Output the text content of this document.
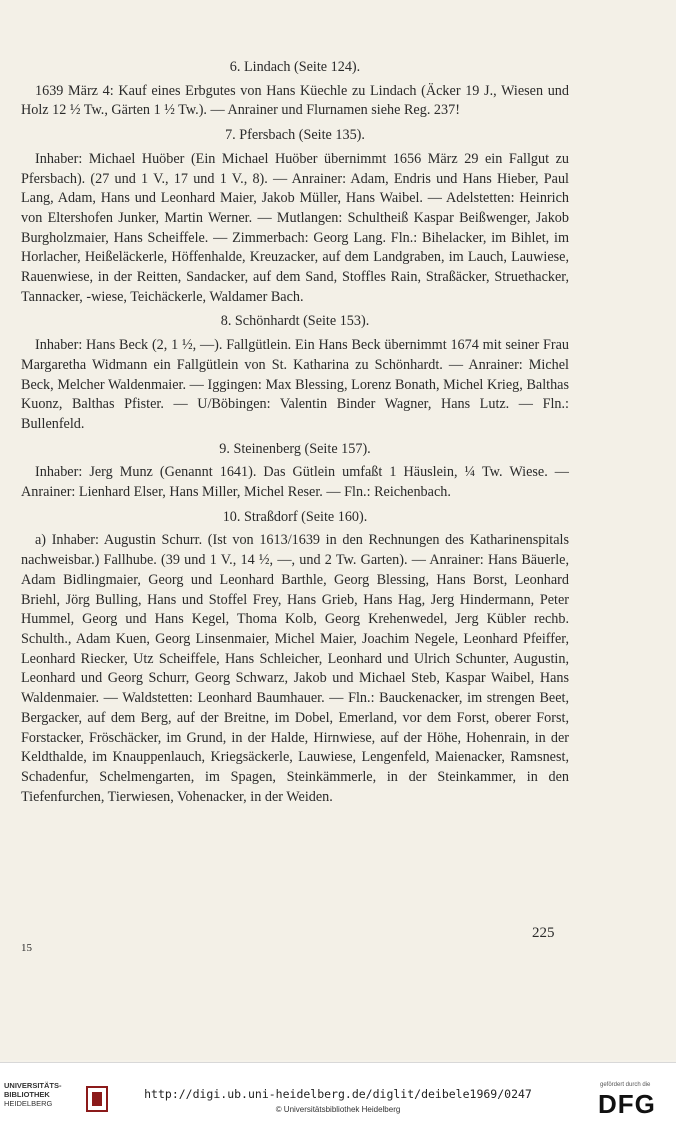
6. Lindach (Seite 124).

1639 März 4: Kauf eines Erbgutes von Hans Küechle zu Lindach (Äcker 19 J., Wiesen und Holz 12 ½ Tw., Gärten 1 ½ Tw.). — Anrainer und Flurnamen siehe Reg. 237!

7. Pfersbach (Seite 135).

Inhaber: Michael Huöber (Ein Michael Huöber übernimmt 1656 März 29 ein Fallgut zu Pfersbach). (27 und 1 V., 17 und 1 V., 8). — Anrainer: Adam, Endris und Hans Hieber, Paul Lang, Adam, Hans und Leonhard Maier, Jakob Müller, Hans Waibel. — Adelstetten: Heinrich von Eltershofen Junker, Martin Werner. — Mutlangen: Schultheiß Kaspar Beißwenger, Jakob Burgholzmaier, Hans Scheiffele. — Zimmerbach: Georg Lang. Fln.: Bihelacker, im Bihlet, im Horlacher, Heißeläckerle, Höffenhalde, Kreuzacker, auf dem Landgraben, im Lauch, Lauwiese, Rauenwiese, in der Reitten, Sandacker, auf dem Sand, Stoffles Rain, Straßäcker, Struethacker, Tannacker, -wiese, Teichäckerle, Waldamer Bach.

8. Schönhardt (Seite 153).

Inhaber: Hans Beck (2, 1 ½, —). Fallgütlein. Ein Hans Beck übernimmt 1674 mit seiner Frau Margaretha Widmann ein Fallgütlein von St. Katharina zu Schönhardt. — Anrainer: Michel Beck, Melcher Waldenmaier. — Iggingen: Max Blessing, Lorenz Bonath, Michel Krieg, Balthas Kuonz, Balthas Pfister. — U/Böbingen: Valentin Binder Wagner, Hans Lutz. — Fln.: Bullenfeld.

9. Steinenberg (Seite 157).

Inhaber: Jerg Munz (Genannt 1641). Das Gütlein umfaßt 1 Häuslein, ¼ Tw. Wiese. — Anrainer: Lienhard Elser, Hans Miller, Michel Reser. — Fln.: Reichenbach.

10. Straßdorf (Seite 160).

a) Inhaber: Augustin Schurr. (Ist von 1613/1639 in den Rechnungen des Katharinenspitals nachweisbar.) Fallhube. (39 und 1 V., 14 ½, —, und 2 Tw. Garten). — Anrainer: Hans Bäuerle, Adam Bidlingmaier, Georg und Leonhard Barthle, Georg Blessing, Hans Borst, Leonhard Briehl, Jörg Bulling, Hans und Stoffel Frey, Hans Grieb, Hans Hag, Jerg Hindermann, Peter Hummel, Georg und Hans Kegel, Thoma Kolb, Georg Krehenwedel, Jerg Kübler rechb. Schulth., Adam Kuen, Georg Linsenmaier, Michel Maier, Joachim Negele, Leonhard Pfeiffer, Leonhard Riecker, Utz Scheiffele, Hans Schleicher, Leonhard und Ulrich Schunter, Augustin, Leonhard und Georg Schurr, Georg Schwarz, Jakob und Michael Steb, Kaspar Waibel, Hans Waldenmaier. — Waldstetten: Leonhard Baumhauer. — Fln.: Bauckenacker, im strengen Beet, Bergacker, auf dem Berg, auf der Breitne, im Dobel, Emerland, vor dem Forst, oberer Forst, Forstacker, Fröschäcker, im Grund, in der Halde, Hirnwiese, auf der Höhe, Hohenrain, in der Keldthalde, im Knauppenlauch, Kriegsäckerle, Lauwiese, Lengenfeld, Maienacker, Ramsnest, Schadenfur, Schelmengarten, im Spagen, Steinkämmerle, in der Steinkammer, in den Tiefenfurchen, Tierwiesen, Vohenacker, in der Weiden.

225
15
UNIVERSITÄTS-
BIBLIOTHEK
HEIDELBERG
http://digi.ub.uni-heidelberg.de/diglit/deibele1969/0247
© Universitätsbibliothek Heidelberg
gefördert durch die
DFG
